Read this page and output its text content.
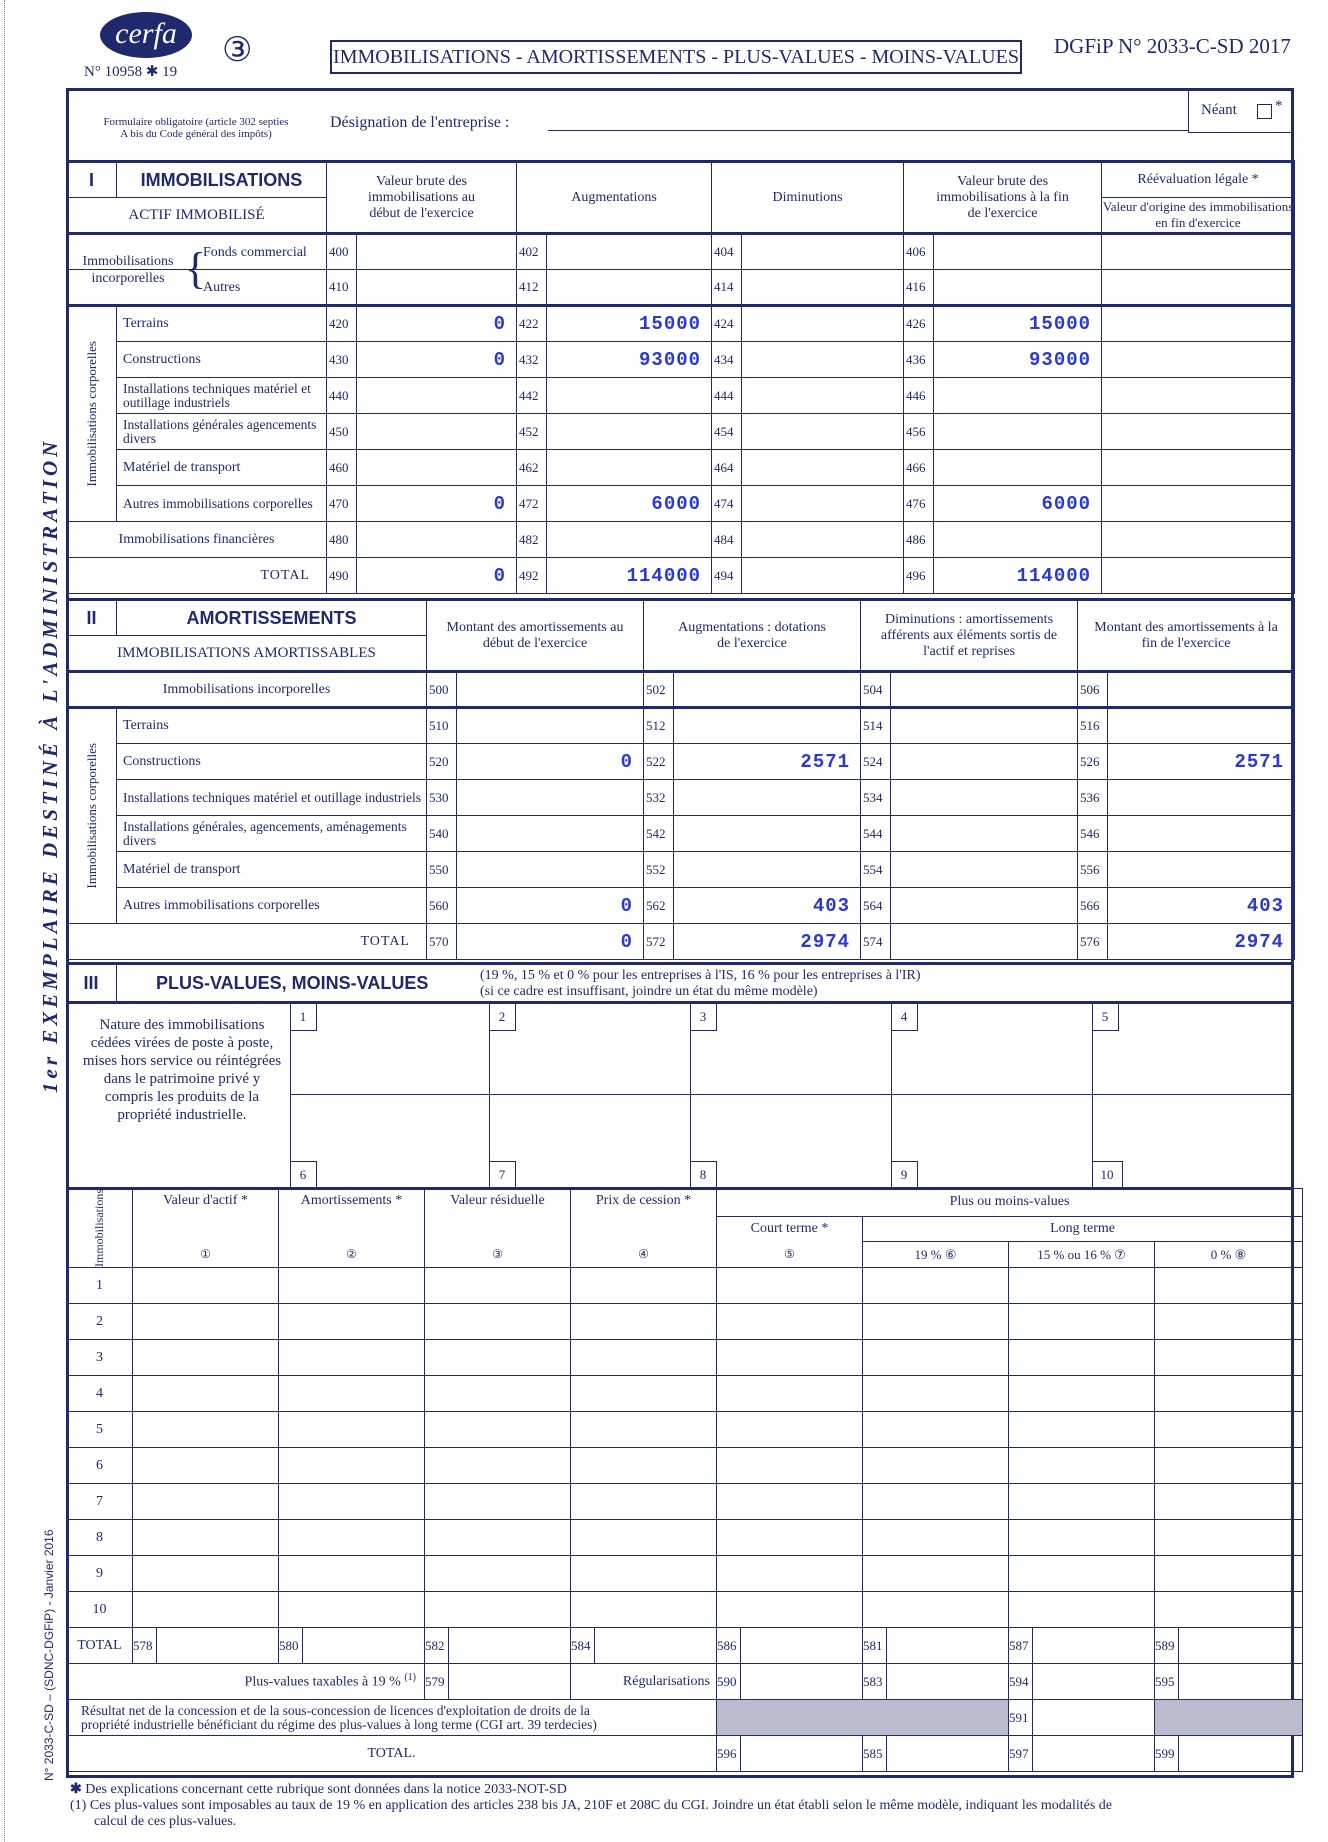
cerfa
N° 10958 ✱ 19
③	IMMOBILISATIONS - AMORTISSEMENTS - PLUS-VALUES - MOINS-VALUES DGFiP N° 2033-C-SD 2017
1er EXEMPLAIRE DESTINÉ À L'ADMINISTRATION
N° 2033-C-SD – (SDNC-DGFiP) - Janvier 2016
Formulaire obligatoire (article 302 septies
A bis du Code général des impôts)
Désignation de l'entreprise :
Néant	*
I	IMMOBILISATIONS	Valeur brute des immobilisations au début de l'exercice		Augmentations		Diminutions		Valeur brute des immobilisations à la fin de l'exercice		Réévaluation légale *
ACTIF IMMOBILISÉ										Valeur d'origine des immobilisations en fin d'exercice

Immobilisations incorporelles {
Fonds commercial		400		402		404		406		

Autres		410		412		414		416		

Immobilisations corporelles	Terrains	420	0	422	15000	424		426	15000	
	Constructions	430	0	432	93000	434		436	93000	
	Installations techniques matériel et outillage industriels	440		442		444		446		
	Installations générales agencements divers	450		452		454		456		
	Matériel de transport	460		462		464		466		
	Autres immobilisations corporelles	470	0	472	6000	474		476	6000	
Immobilisations financières		480		482		484		486		
TOTAL		490	0	492	114000	494		496	114000	
II	AMORTISSEMENTS	Montant des amortissements au début de l'exercice		Augmentations : dotations de l'exercice		Diminutions : amortissements afférents aux éléments sortis de l'actif et reprises		Montant des amortissements à la fin de l'exercice	
IMMOBILISATIONS AMORTISSABLES									
Immobilisations incorporelles		500		502		504		506	

Immobilisations corporelles	Terrains	510		512		514		516	
	Constructions	520	0	522	2571	524		526	2571
	Installations techniques matériel et outillage industriels	530		532		534		536	
	Installations générales, agencements, aménagements divers	540		542		544		546	
	Matériel de transport	550		552		554		556	
	Autres immobilisations corporelles	560	0	562	403	564		566	403
TOTAL		570	0	572	2974	574		576	2974
III	PLUS-VALUES, MOINS-VALUES	(19 %, 15 % et 0 % pour les entreprises à l'IS, 16 % pour les entreprises à l'IR)
(si ce cadre est insuffisant, joindre un état du même modèle)
Nature des immobilisations cédées virées de poste à poste, mises hors service ou réintégrées dans le patrimoine privé y compris les produits de la propriété industrielle.
1	2	3	4	5
6	7	8	9	10
Immobilisations	Valeur d'actif *		Amortissements *		Valeur résiduelle		Prix de cession *		Plus ou moins-values							
									Court terme *		Long terme					
	①		②		③		④		⑤		19 % ⑥		15 % ou 16 % ⑦		0 % ⑧	
1																
2																
3																
4																
5																
6																
7																
8																
9																
10																
TOTAL	578		580		582		584		586		581		587		589	
Plus-values taxables à 19 % $^{(1)}$					579		Régularisations		590		583		594		595	

Résultat net de la concession et de la sous-concession de licences d'exploitation de droits de la
propriété industrielle bénéficiant du régime des plus-values à long terme (CGI art. 39 terdecies)													591			
TOTAL.									596		585		597		599	
✱ Des explications concernant cette rubrique sont données dans la notice 2033-NOT-SD
(1) Ces plus-values sont imposables au taux de 19 % en application des articles 238 bis JA, 210F et 208C du CGI. Joindre un état établi selon le même modèle, indiquant les modalités de
calcul de ces plus-values.
